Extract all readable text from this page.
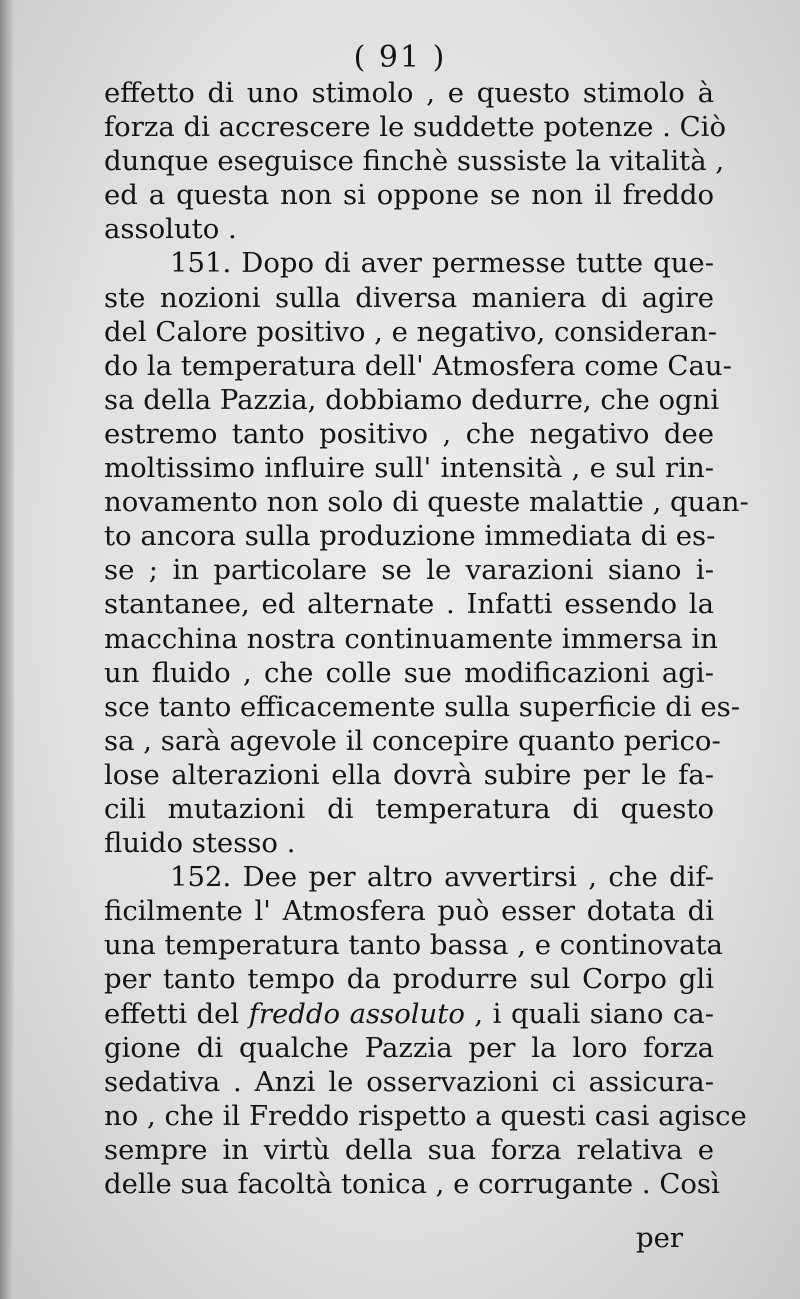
( 91 )
effetto di uno stimolo , e questo stimolo à
forza di accrescere le suddette potenze . Ciò
dunque eseguisce finchè sussiste la vitalità ,
ed a questa non si oppone se non il freddo
assoluto .
151. Dopo di aver permesse tutte que-
ste nozioni sulla diversa maniera di agire
del Calore positivo , e negativo, consideran-
do la temperatura dell' Atmosfera come Cau-
sa della Pazzia, dobbiamo dedurre, che ogni
estremo tanto positivo , che negativo dee
moltissimo influire sull' intensità , e sul rin-
novamento non solo di queste malattie , quan-
to ancora sulla produzione immediata di es-
se ; in particolare se le varazioni siano i-
stantanee, ed alternate . Infatti essendo la
macchina nostra continuamente immersa in
un fluido , che colle sue modificazioni agi-
sce tanto efficacemente sulla superficie di es-
sa , sarà agevole il concepire quanto perico-
lose alterazioni ella dovrà subire per le fa-
cili mutazioni di temperatura di questo
fluido stesso .
152. Dee per altro avvertirsi , che dif-
ficilmente l' Atmosfera può esser dotata di
una temperatura tanto bassa , e continovata
per tanto tempo da produrre sul Corpo gli
effetti del freddo assoluto , i quali siano ca-
gione di qualche Pazzia per la loro forza
sedativa . Anzi le osservazioni ci assicura-
no , che il Freddo rispetto a questi casi agisce
sempre in virtù della sua forza relativa e
delle sua facoltà tonica , e corrugante . Così
per
